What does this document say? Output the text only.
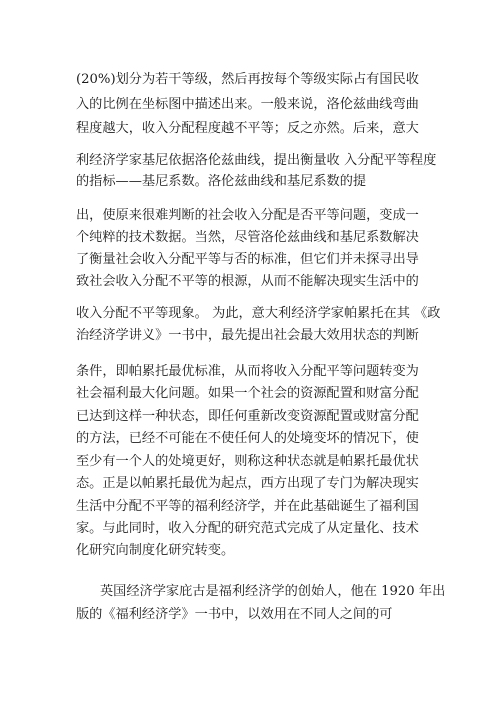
(20%)划分为若干等级，然后再按每个等级实际占有国民收
入的比例在坐标图中描述出来。一般来说，洛伦兹曲线弯曲
程度越大，收入分配程度越不平等；反之亦然。后来，意大
利经济学家基尼依据洛伦兹曲线，提出衡量收 入分配平等程度
的指标——基尼系数。洛伦兹曲线和基尼系数的提
出，使原来很难判断的社会收入分配是否平等问题，变成一
个纯粹的技术数据。当然，尽管洛伦兹曲线和基尼系数解决
了衡量社会收入分配平等与否的标准，但它们并未探寻出导
致社会收入分配不平等的根源，从而不能解决现实生活中的
收入分配不平等现象。 为此，意大利经济学家帕累托在其 《政
治经济学讲义》一书中，最先提出社会最大效用状态的判断
条件，即帕累托最优标准，从而将收入分配平等问题转变为
社会福利最大化问题。如果一个社会的资源配置和财富分配
已达到这样一种状态，即任何重新改变资源配置或财富分配
的方法，已经不可能在不使任何人的处境变坏的情况下，使
至少有一个人的处境更好，则称这种状态就是帕累托最优状
态。正是以帕累托最优为起点，西方出现了专门为解决现实
生活中分配不平等的福利经济学，并在此基础诞生了福利国
家。与此同时，收入分配的研究范式完成了从定量化、技术
化研究向制度化研究转变。
英国经济学家庇古是福利经济学的创始人，他在 1920 年出
版的《福利经济学》一书中，以效用在不同人之间的可
